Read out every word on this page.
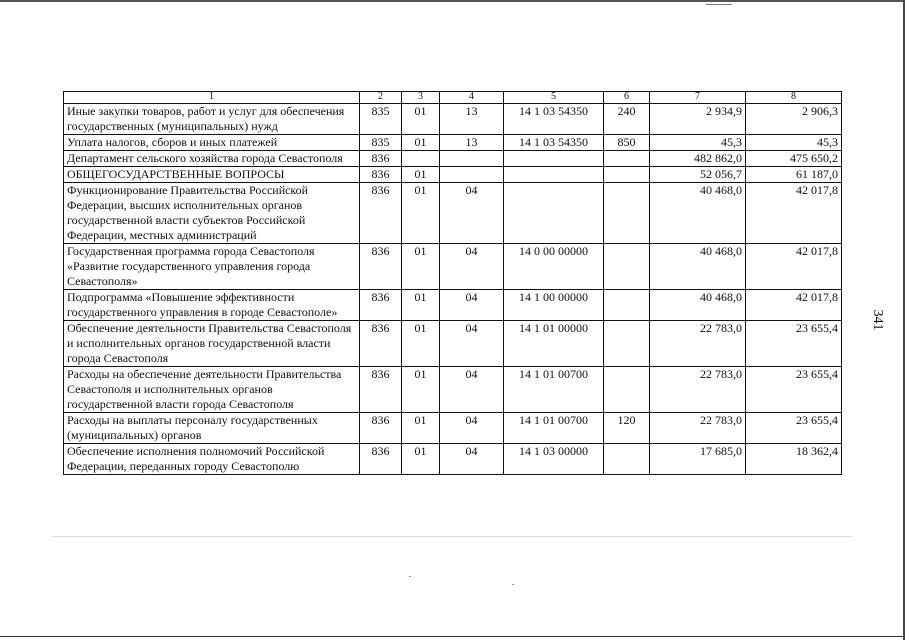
341
1	2	3	4	5	6	7	8
Иные закупки товаров, работ и услуг для обеспечения государственных (муниципальных) нужд	835	01	13	14 1 03 54350	240	2 934,9	2 906,3
Уплата налогов, сборов и иных платежей	835	01	13	14 1 03 54350	850	45,3	45,3
Департамент сельского хозяйства города Севастополя	836					482 862,0	475 650,2
ОБЩЕГОСУДАРСТВЕННЫЕ ВОПРОСЫ	836	01				52 056,7	61 187,0
Функционирование Правительства Российской Федерации, высших исполнительных органов государственной власти субъектов Российской Федерации, местных администраций	836	01	04			40 468,0	42 017,8
Государственная программа города Севастополя «Развитие государственного управления города Севастополя»	836	01	04	14 0 00 00000		40 468,0	42 017,8
Подпрограмма «Повышение эффективности государственного управления в городе Севастополе»	836	01	04	14 1 00 00000		40 468,0	42 017,8
Обеспечение деятельности Правительства Севастополя и исполнительных органов государственной власти города Севастополя	836	01	04	14 1 01 00000		22 783,0	23 655,4
Расходы на обеспечение деятельности Правительства Севастополя и исполнительных органов государственной власти города Севастополя	836	01	04	14 1 01 00700		22 783,0	23 655,4
Расходы на выплаты персоналу государственных (муниципальных) органов	836	01	04	14 1 01 00700	120	22 783,0	23 655,4
Обеспечение исполнения полномочий Российской Федерации, переданных городу Севастополю	836	01	04	14 1 03 00000		17 685,0	18 362,4
